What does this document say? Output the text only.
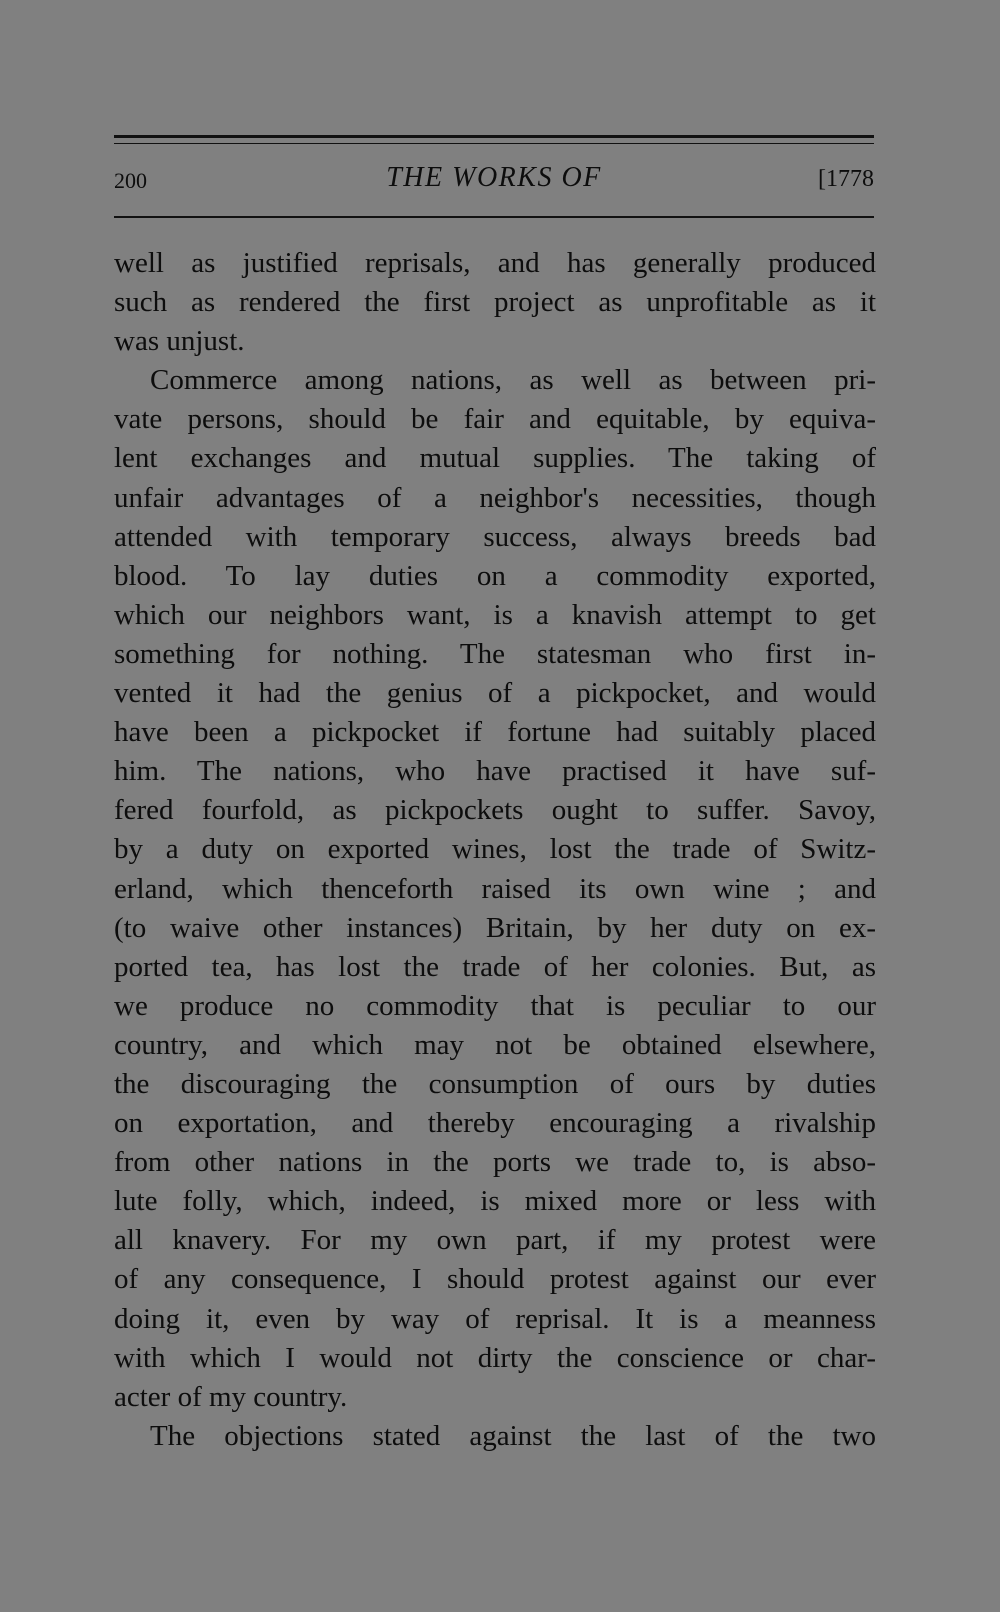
200	THE WORKS OF	[1778
well as justified reprisals, and has generally produced
such as rendered the first project as unprofitable as it
was unjust.
Commerce among nations, as well as between pri-
vate persons, should be fair and equitable, by equiva-
lent exchanges and mutual supplies. The taking of
unfair advantages of a neighbor's necessities, though
attended with temporary success, always breeds bad
blood. To lay duties on a commodity exported,
which our neighbors want, is a knavish attempt to get
something for nothing. The statesman who first in-
vented it had the genius of a pickpocket, and would
have been a pickpocket if fortune had suitably placed
him. The nations, who have practised it have suf-
fered fourfold, as pickpockets ought to suffer. Savoy,
by a duty on exported wines, lost the trade of Switz-
erland, which thenceforth raised its own wine ; and
(to waive other instances) Britain, by her duty on ex-
ported tea, has lost the trade of her colonies. But, as
we produce no commodity that is peculiar to our
country, and which may not be obtained elsewhere,
the discouraging the consumption of ours by duties
on exportation, and thereby encouraging a rivalship
from other nations in the ports we trade to, is abso-
lute folly, which, indeed, is mixed more or less with
all knavery. For my own part, if my protest were
of any consequence, I should protest against our ever
doing it, even by way of reprisal. It is a meanness
with which I would not dirty the conscience or char-
acter of my country.
The objections stated against the last of the two
